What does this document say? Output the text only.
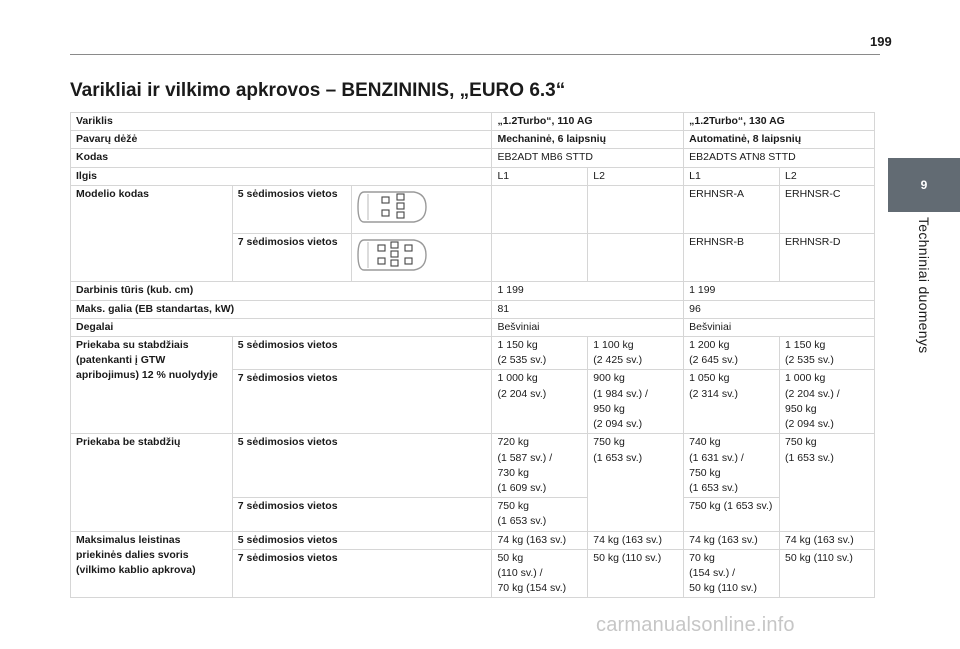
199
Varikliai ir vilkimo apkrovos – BENZININIS, „EURO 6.3“
9
Techniniai duomenys
Variklis			„1.2Turbo“, 110 AG		„1.2Turbo“, 130 AG	
Pavarų dėžė			Mechaninė, 6 laipsnių		Automatinė, 8 laipsnių	
Kodas			EB2ADT MB6 STTD		EB2ADTS ATN8 STTD	
Ilgis			L1	L2	L1	L2
Modelio kodas	5 sėdimosios vietos				ERHNSR-A	ERHNSR-C
	7 sėdimosios vietos				ERHNSR-B	ERHNSR-D
Darbinis tūris (kub. cm)			1 199		1 199	
Maks. galia (EB standartas, kW)			81		96	
Degalai			Bešviniai		Bešviniai	
Priekaba su stabdžiais (patenkanti į GTW apribojimus) 12 % nuolydyje	5 sėdimosios vietos		1 150 kg
(2 535 sv.)	1 100 kg
(2 425 sv.)	1 200 kg
(2 645 sv.)	1 150 kg
(2 535 sv.)
	7 sėdimosios vietos		1 000 kg
(2 204 sv.)	900 kg
(1 984 sv.) /
950 kg
(2 094 sv.)	1 050 kg
(2 314 sv.)	1 000 kg
(2 204 sv.) /
950 kg
(2 094 sv.)
Priekaba be stabdžių	5 sėdimosios vietos		720 kg
(1 587 sv.) /
730 kg
(1 609 sv.)	750 kg
(1 653 sv.)	740 kg
(1 631 sv.) /
750 kg
(1 653 sv.)	750 kg
(1 653 sv.)
	7 sėdimosios vietos		750 kg
(1 653 sv.)		750 kg (1 653 sv.)	
Maksimalus leistinas priekinės dalies svoris (vilkimo kablio apkrova)	5 sėdimosios vietos		74 kg (163 sv.)	74 kg (163 sv.)	74 kg (163 sv.)	74 kg (163 sv.)
	7 sėdimosios vietos		50 kg
(110 sv.) /
70 kg (154 sv.)	50 kg (110 sv.)	70 kg
(154 sv.) /
50 kg (110 sv.)	50 kg (110 sv.)
carmanualsonline.info
